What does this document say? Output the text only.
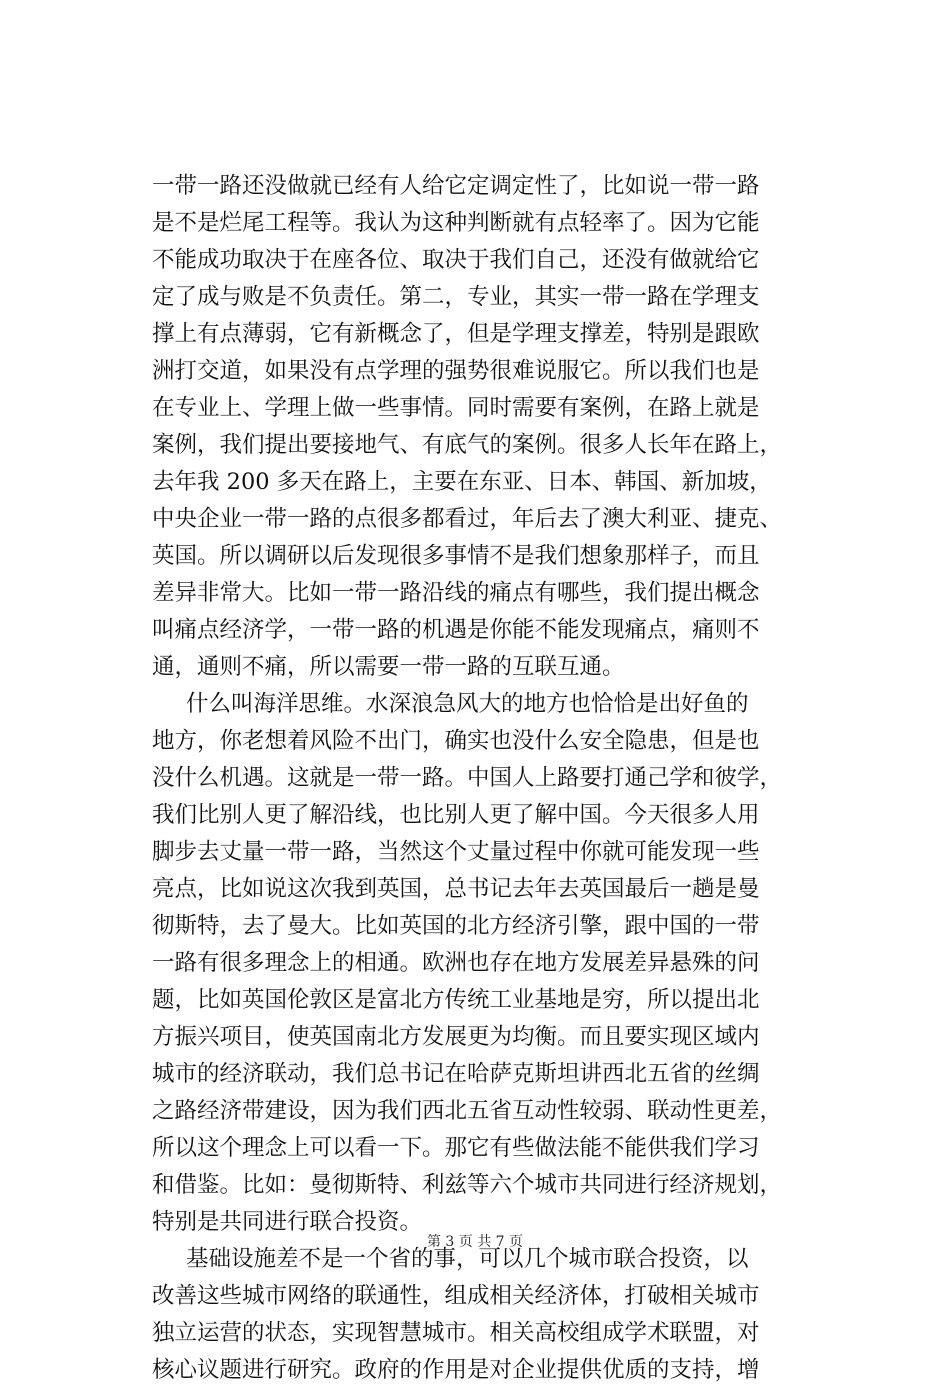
一带一路还没做就已经有人给它定调定性了，比如说一带一路
是不是烂尾工程等。我认为这种判断就有点轻率了。因为它能
不能成功取决于在座各位、取决于我们自己，还没有做就给它
定了成与败是不负责任。第二，专业，其实一带一路在学理支
撑上有点薄弱，它有新概念了，但是学理支撑差，特别是跟欧
洲打交道，如果没有点学理的强势很难说服它。所以我们也是
在专业上、学理上做一些事情。同时需要有案例，在路上就是
案例，我们提出要接地气、有底气的案例。很多人长年在路上，
去年我 200 多天在路上，主要在东亚、日本、韩国、新加坡，
中央企业一带一路的点很多都看过，年后去了澳大利亚、捷克、
英国。所以调研以后发现很多事情不是我们想象那样子，而且
差异非常大。比如一带一路沿线的痛点有哪些，我们提出概念
叫痛点经济学，一带一路的机遇是你能不能发现痛点，痛则不
通，通则不痛，所以需要一带一路的互联互通。
什么叫海洋思维。水深浪急风大的地方也恰恰是出好鱼的
地方，你老想着风险不出门，确实也没什么安全隐患，但是也
没什么机遇。这就是一带一路。中国人上路要打通己学和彼学，
我们比别人更了解沿线，也比别人更了解中国。今天很多人用
脚步去丈量一带一路，当然这个丈量过程中你就可能发现一些
亮点，比如说这次我到英国，总书记去年去英国最后一趟是曼
彻斯特，去了曼大。比如英国的北方经济引擎，跟中国的一带
一路有很多理念上的相通。欧洲也存在地方发展差异悬殊的问
题，比如英国伦敦区是富北方传统工业基地是穷，所以提出北
方振兴项目，使英国南北方发展更为均衡。而且要实现区域内
城市的经济联动，我们总书记在哈萨克斯坦讲西北五省的丝绸
之路经济带建设，因为我们西北五省互动性较弱、联动性更差，
所以这个理念上可以看一下。那它有些做法能不能供我们学习
和借鉴。比如：曼彻斯特、利兹等六个城市共同进行经济规划，
特别是共同进行联合投资。
基础设施差不是一个省的事，可以几个城市联合投资，以
改善这些城市网络的联通性，组成相关经济体，打破相关城市
独立运营的状态，实现智慧城市。相关高校组成学术联盟，对
核心议题进行研究。政府的作用是对企业提供优质的支持，增
第 3 页 共 7 页
